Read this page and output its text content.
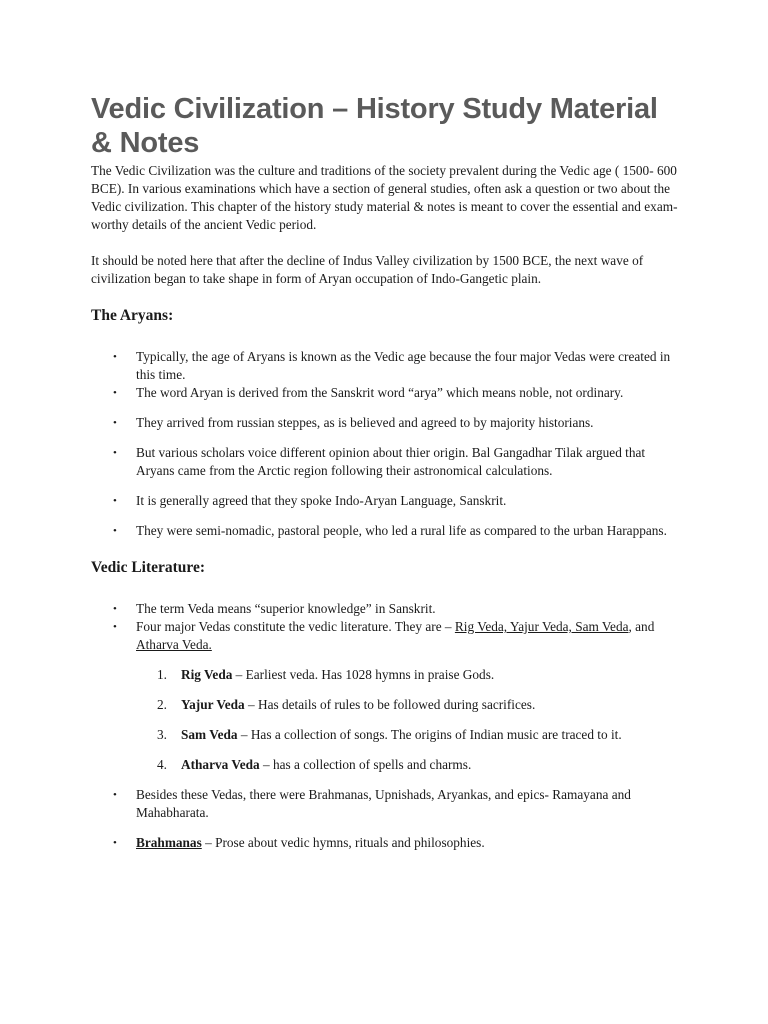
Vedic Civilization – History Study Material & Notes

The Vedic Civilization was the culture and traditions of the society prevalent during the Vedic age ( 1500- 600 BCE). In various examinations which have a section of general studies, often ask a question or two about the Vedic civilization. This chapter of the history study material & notes is meant to cover the essential and exam-worthy details of the ancient Vedic period.

It should be noted here that after the decline of Indus Valley civilization by 1500 BCE, the next wave of civilization began to take shape in form of Aryan occupation of Indo-Gangetic plain.

The Aryans:
• Typically, the age of Aryans is known as the Vedic age because the four major Vedas were created in this time.
• The word Aryan is derived from the Sanskrit word “arya” which means noble, not ordinary.
• They arrived from russian steppes, as is believed and agreed to by majority historians.
• But various scholars voice different opinion about thier origin. Bal Gangadhar Tilak argued that Aryans came from the Arctic region following their astronomical calculations.
• It is generally agreed that they spoke Indo-Aryan Language, Sanskrit.
• They were semi-nomadic, pastoral people, who led a rural life as compared to the urban Harappans.
Vedic Literature:
• The term Veda means “superior knowledge” in Sanskrit.
• Four major Vedas constitute the vedic literature. They are – Rig Veda, Yajur Veda, Sam Veda, and Atharva Veda.
1. Rig Veda – Earliest veda. Has 1028 hymns in praise Gods.
2. Yajur Veda – Has details of rules to be followed during sacrifices.
3. Sam Veda – Has a collection of songs. The origins of Indian music are traced to it.
4. Atharva Veda – has a collection of spells and charms.
• Besides these Vedas, there were Brahmanas, Upnishads, Aryankas, and epics- Ramayana and Mahabharata.
• Brahmanas – Prose about vedic hymns, rituals and philosophies.
